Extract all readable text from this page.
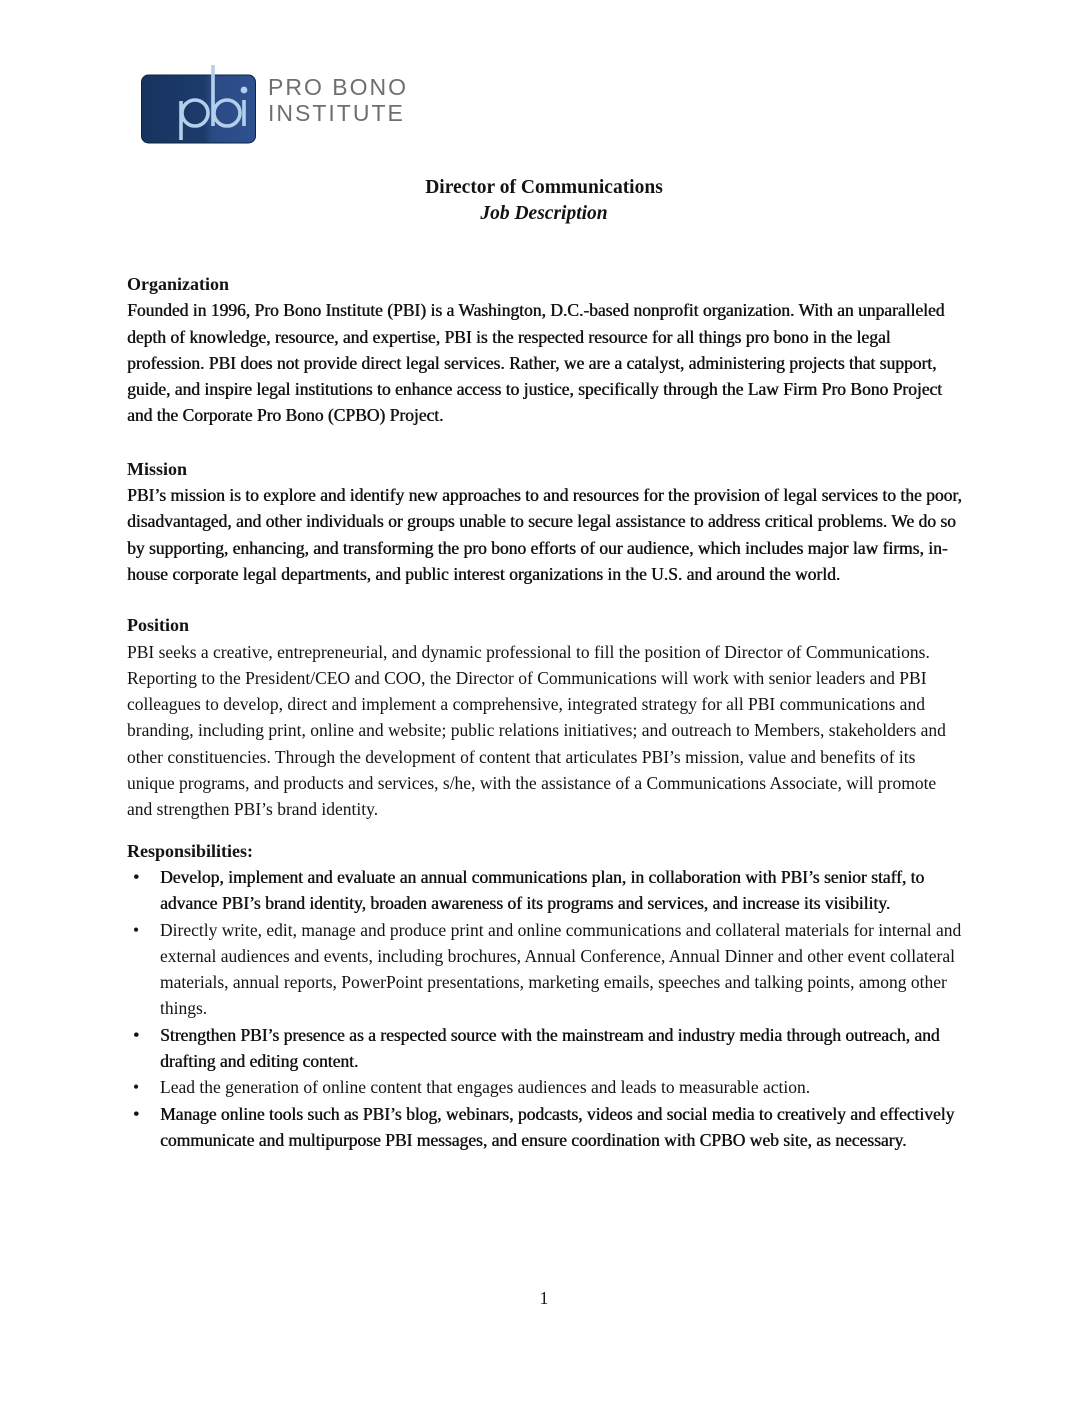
PRO BONO
INSTITUTE
Director of Communications
Job Description
Organization

Founded in 1996, Pro Bono Institute (PBI) is a Washington, D.C.-based nonprofit organization. With an unparalleled depth of knowledge, resource, and expertise, PBI is the respected resource for all things pro bono in the legal profession. PBI does not provide direct legal services. Rather, we are a catalyst, administering projects that support, guide, and inspire legal institutions to enhance access to justice, specifically through the Law Firm Pro Bono Project and the Corporate Pro Bono (CPBO) Project.

Mission

PBI’s mission is to explore and identify new approaches to and resources for the provision of legal services to the poor, disadvantaged, and other individuals or groups unable to secure legal assistance to address critical problems. We do so by supporting, enhancing, and transforming the pro bono efforts of our audience, which includes major law firms, in-house corporate legal departments, and public interest organizations in the U.S. and around the world.

Position

PBI seeks a creative, entrepreneurial, and dynamic professional to fill the position of Director of Communications. Reporting to the President/CEO and COO, the Director of Communications will work with senior leaders and PBI colleagues to develop, direct and implement a comprehensive, integrated strategy for all PBI communications and branding, including print, online and website; public relations initiatives; and outreach to Members, stakeholders and other constituencies. Through the development of content that articulates PBI’s mission, value and benefits of its unique programs, and products and services, s/he, with the assistance of a Communications Associate, will promote and strengthen PBI’s brand identity.

Responsibilities:
• Develop, implement and evaluate an annual communications plan, in collaboration with PBI’s senior staff, to advance PBI’s brand identity, broaden awareness of its programs and services, and increase its visibility.
• Directly write, edit, manage and produce print and online communications and collateral materials for internal and external audiences and events, including brochures, Annual Conference, Annual Dinner and other event collateral materials, annual reports, PowerPoint presentations, marketing emails, speeches and talking points, among other things.
• Strengthen PBI’s presence as a respected source with the mainstream and industry media through outreach, and drafting and editing content.
• Lead the generation of online content that engages audiences and leads to measurable action.
• Manage online tools such as PBI’s blog, webinars, podcasts, videos and social media to creatively and effectively communicate and multipurpose PBI messages, and ensure coordination with CPBO web site, as necessary.
1
